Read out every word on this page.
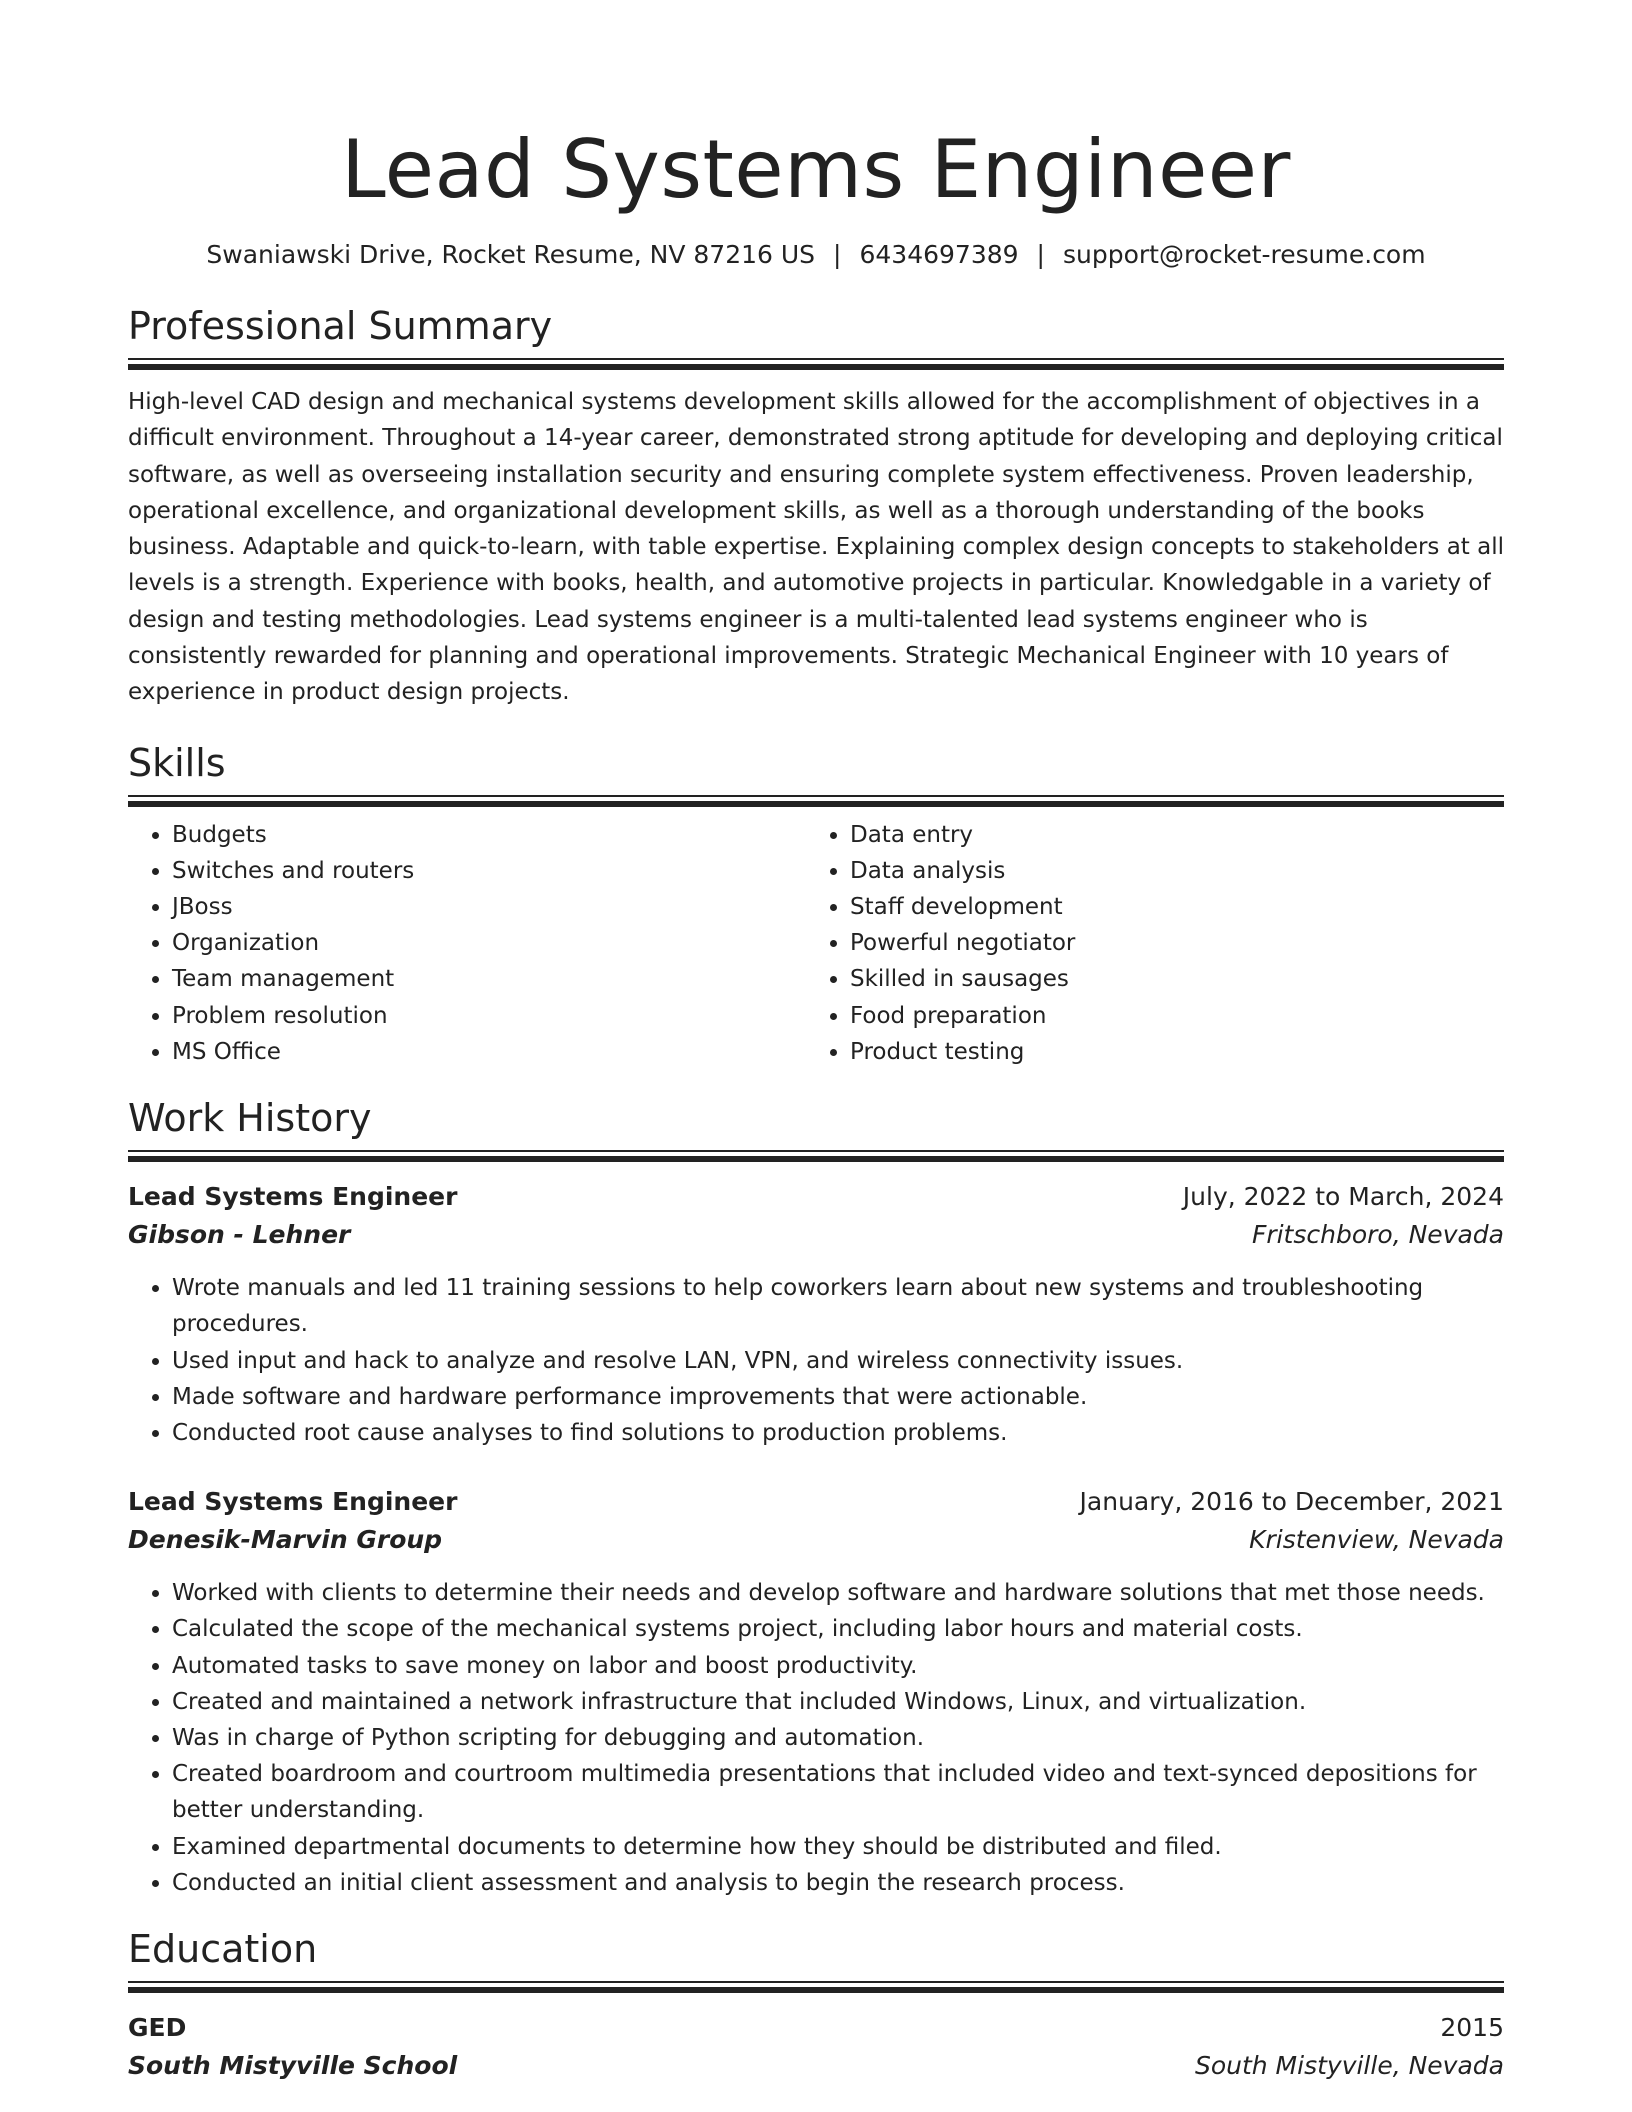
Lead Systems Engineer
Swaniawski Drive, Rocket Resume, NV 87216 US | 6434697389 | support@rocket-resume.com
Professional Summary
High-level CAD design and mechanical systems development skills allowed for the accomplishment of objectives in a difficult environment. Throughout a 14-year career, demonstrated strong aptitude for developing and deploying critical software, as well as overseeing installation security and ensuring complete system effectiveness. Proven leadership, operational excellence, and organizational development skills, as well as a thorough understanding of the books business. Adaptable and quick-to-learn, with table expertise. Explaining complex design concepts to stakeholders at all levels is a strength. Experience with books, health, and automotive projects in particular. Knowledgable in a variety of design and testing methodologies. Lead systems engineer is a multi-talented lead systems engineer who is consistently rewarded for planning and operational improvements. Strategic Mechanical Engineer with 10 years of experience in product design projects.
Skills
• Budgets
• Switches and routers
• JBoss
• Organization
• Team management
• Problem resolution
• MS Office
• Data entry
• Data analysis
• Staff development
• Powerful negotiator
• Skilled in sausages
• Food preparation
• Product testing
Work History
Lead Systems Engineer	July, 2022 to March, 2024
Gibson - Lehner	Fritschboro, Nevada
• Wrote manuals and led 11 training sessions to help coworkers learn about new systems and troubleshooting procedures.
• Used input and hack to analyze and resolve LAN, VPN, and wireless connectivity issues.
• Made software and hardware performance improvements that were actionable.
• Conducted root cause analyses to find solutions to production problems.
Lead Systems Engineer	January, 2016 to December, 2021
Denesik-Marvin Group	Kristenview, Nevada
• Worked with clients to determine their needs and develop software and hardware solutions that met those needs.
• Calculated the scope of the mechanical systems project, including labor hours and material costs.
• Automated tasks to save money on labor and boost productivity.
• Created and maintained a network infrastructure that included Windows, Linux, and virtualization.
• Was in charge of Python scripting for debugging and automation.
• Created boardroom and courtroom multimedia presentations that included video and text-synced depositions for better understanding.
• Examined departmental documents to determine how they should be distributed and filed.
• Conducted an initial client assessment and analysis to begin the research process.
Education
GED	2015
South Mistyville School	South Mistyville, Nevada
